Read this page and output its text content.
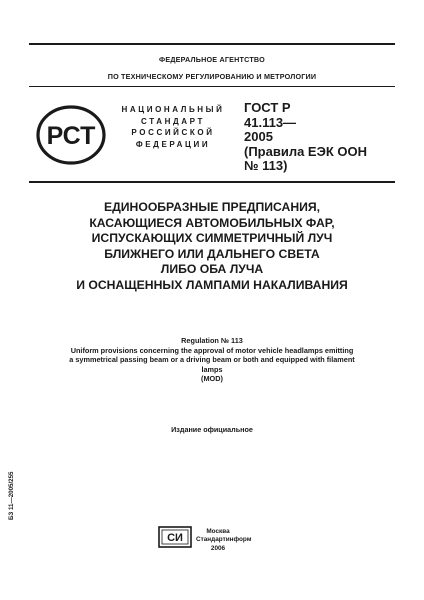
ФЕДЕРАЛЬНОЕ АГЕНТСТВО
ПО ТЕХНИЧЕСКОМУ РЕГУЛИРОВАНИЮ И МЕТРОЛОГИИ
РСТ
НАЦИОНАЛЬНЫЙ
СТАНДАРТ
РОССИЙСКОЙ
ФЕДЕРАЦИИ
ГОСТ Р
41.113—
2005
(Правила ЕЭК ООН
№ 113)
ЕДИНООБРАЗНЫЕ ПРЕДПИСАНИЯ,
КАСАЮЩИЕСЯ АВТОМОБИЛЬНЫХ ФАР,
ИСПУСКАЮЩИХ СИММЕТРИЧНЫЙ ЛУЧ
БЛИЖНЕГО ИЛИ ДАЛЬНЕГО СВЕТА
ЛИБО ОБА ЛУЧА
И ОСНАЩЕННЫХ ЛАМПАМИ НАКАЛИВАНИЯ
Regulation № 113
Uniform provisions concerning the approval of motor vehicle headlamps emitting
a symmetrical passing beam or a driving beam or both and equipped with filament
lamps
(MOD)
Издание официальное
БЗ 11—2005/255
СИ
Москва
Стандартинформ
2006
